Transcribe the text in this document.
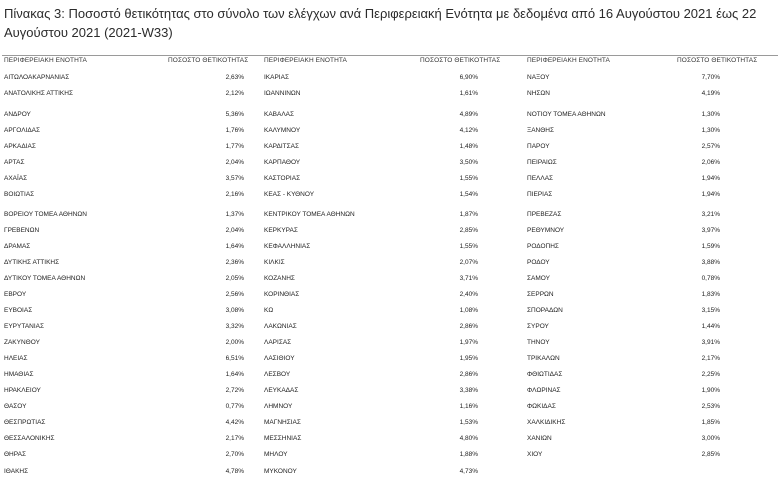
Πίνακας 3: Ποσοστό θετικότητας στο σύνολο των ελέγχων ανά Περιφερειακή Ενότητα με δεδομένα από 16 Αυγούστου 2021 έως 22 Αυγούστου 2021 (2021-W33)
ΠΕΡΙΦΕΡΕΙΑΚΗ ΕΝΟΤΗΤΑ	ΠΟΣΟΣΤΟ ΘΕΤΙΚΟΤΗΤΑΣ ΠΕΡΙΦΕΡΕΙΑΚΗ ΕΝΟΤΗΤΑ	ΠΟΣΟΣΤΟ ΘΕΤΙΚΟΤΗΤΑΣ	ΠΕΡΙΦΕΡΕΙΑΚΗ ΕΝΟΤΗΤΑ	ΠΟΣΟΣΤΟ ΘΕΤΙΚΟΤΗΤΑΣ
ΑΙΤΩΛΟΑΚΑΡΝΑΝΙΑΣ	2,63%
ΑΝΑΤΟΛΙΚΗΣ ΑΤΤΙΚΗΣ	2,12%
ΑΝΔΡΟΥ	5,36%
ΑΡΓΟΛΙΔΑΣ	1,76%
ΑΡΚΑΔΙΑΣ	1,77%
ΑΡΤΑΣ	2,04%
ΑΧΑΪΑΣ	3,57%
ΒΟΙΩΤΙΑΣ	2,16%
ΒΟΡΕΙΟΥ ΤΟΜΕΑ ΑΘΗΝΩΝ	1,37%
ΓΡΕΒΕΝΩΝ	2,04%
ΔΡΑΜΑΣ	1,64%
ΔΥΤΙΚΗΣ ΑΤΤΙΚΗΣ	2,36%
ΔΥΤΙΚΟΥ ΤΟΜΕΑ ΑΘΗΝΩΝ	2,05%
ΕΒΡΟΥ	2,56%
ΕΥΒΟΙΑΣ	3,08%
ΕΥΡΥΤΑΝΙΑΣ	3,32%
ΖΑΚΥΝΘΟΥ	2,00%
ΗΛΕΙΑΣ	6,51%
ΗΜΑΘΙΑΣ	1,64%
ΗΡΑΚΛΕΙΟΥ	2,72%
ΘΑΣΟΥ	0,77%
ΘΕΣΠΡΩΤΙΑΣ	4,42%
ΘΕΣΣΑΛΟΝΙΚΗΣ	2,17%
ΘΗΡΑΣ	2,70%
ΙΘΑΚΗΣ	4,78%
ΙΚΑΡΙΑΣ	6,90%
ΙΩΑΝΝΙΝΩΝ	1,61%
ΚΑΒΑΛΑΣ	4,89%
ΚΑΛΥΜΝΟΥ	4,12%
ΚΑΡΔΙΤΣΑΣ	1,48%
ΚΑΡΠΑΘΟΥ	3,50%
ΚΑΣΤΟΡΙΑΣ	1,55%
ΚΕΑΣ - ΚΥΘΝΟΥ	1,54%
ΚΕΝΤΡΙΚΟΥ ΤΟΜΕΑ ΑΘΗΝΩΝ	1,87%
ΚΕΡΚΥΡΑΣ	2,85%
ΚΕΦΑΛΛΗΝΙΑΣ	1,55%
ΚΙΛΚΙΣ	2,07%
ΚΟΖΑΝΗΣ	3,71%
ΚΟΡΙΝΘΙΑΣ	2,40%
ΚΩ	1,08%
ΛΑΚΩΝΙΑΣ	2,86%
ΛΑΡΙΣΑΣ	1,97%
ΛΑΣΙΘΙΟΥ	1,95%
ΛΕΣΒΟΥ	2,86%
ΛΕΥΚΑΔΑΣ	3,38%
ΛΗΜΝΟΥ	1,16%
ΜΑΓΝΗΣΙΑΣ	1,53%
ΜΕΣΣΗΝΙΑΣ	4,80%
ΜΗΛΟΥ	1,88%
ΜΥΚΟΝΟΥ	4,73%
ΝΑΞΟΥ	7,70%
ΝΗΣΩΝ	4,19%
ΝΟΤΙΟΥ ΤΟΜΕΑ ΑΘΗΝΩΝ	1,30%
ΞΑΝΘΗΣ	1,30%
ΠΑΡΟΥ	2,57%
ΠΕΙΡΑΙΩΣ	2,06%
ΠΕΛΛΑΣ	1,94%
ΠΙΕΡΙΑΣ	1,94%
ΠΡΕΒΕΖΑΣ	3,21%
ΡΕΘΥΜΝΟΥ	3,97%
ΡΟΔΟΠΗΣ	1,59%
ΡΟΔΟΥ	3,88%
ΣΑΜΟΥ	0,78%
ΣΕΡΡΩΝ	1,83%
ΣΠΟΡΑΔΩΝ	3,15%
ΣΥΡΟΥ	1,44%
ΤΗΝΟΥ	3,91%
ΤΡΙΚΑΛΩΝ	2,17%
ΦΘΙΩΤΙΔΑΣ	2,25%
ΦΛΩΡΙΝΑΣ	1,90%
ΦΩΚΙΔΑΣ	2,53%
ΧΑΛΚΙΔΙΚΗΣ	1,85%
ΧΑΝΙΩΝ	3,00%
ΧΙΟΥ	2,85%
